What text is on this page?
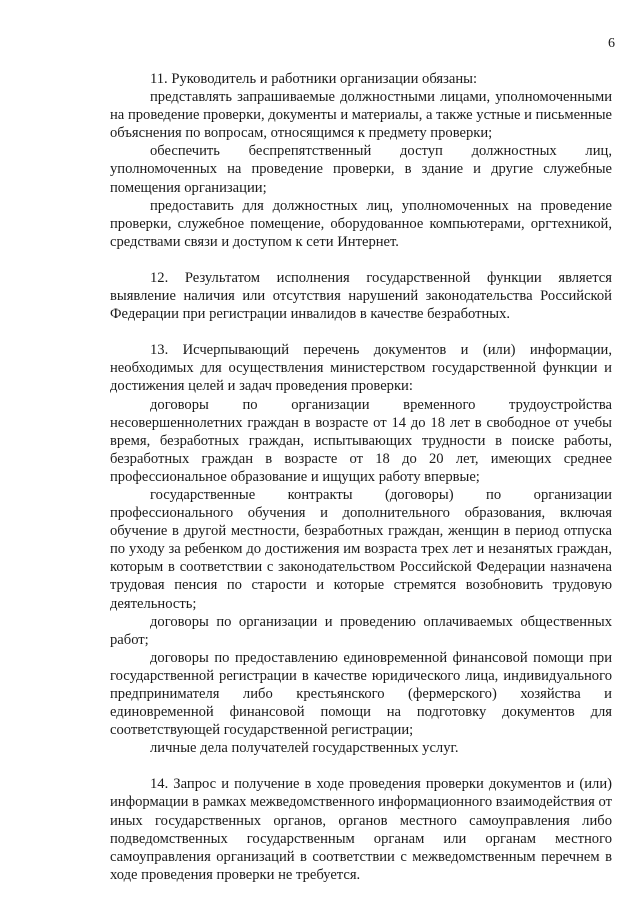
6

11. Руководитель и работники организации обязаны:

представлять запрашиваемые должностными лицами, уполномоченными на проведение проверки, документы и материалы, а также устные и письменные объяснения по вопросам, относящимся к предмету проверки;

обеспечить беспрепятственный доступ должностных лиц, уполномоченных на проведение проверки, в здание и другие служебные помещения организации;

предоставить для должностных лиц, уполномоченных на проведение проверки, служебное помещение, оборудованное компьютерами, оргтехникой, средствами связи и доступом к сети Интернет.

12. Результатом исполнения государственной функции является выявление наличия или отсутствия нарушений законодательства Российской Федерации при регистрации инвалидов в качестве безработных.

13. Исчерпывающий перечень документов и (или) информации, необходимых для осуществления министерством государственной функции и достижения целей и задач проведения проверки:

договоры по организации временного трудоустройства несовершеннолетних граждан в возрасте от 14 до 18 лет в свободное от учебы время, безработных граждан, испытывающих трудности в поиске работы, безработных граждан в возрасте от 18 до 20 лет, имеющих среднее профессиональное образование и ищущих работу впервые;

государственные контракты (договоры) по организации профессионального обучения и дополнительного образования, включая обучение в другой местности, безработных граждан, женщин в период отпуска по уходу за ребенком до достижения им возраста трех лет и незанятых граждан, которым в соответствии с законодательством Российской Федерации назначена трудовая пенсия по старости и которые стремятся возобновить трудовую деятельность;

договоры по организации и проведению оплачиваемых общественных работ;

договоры по предоставлению единовременной финансовой помощи при государственной регистрации в качестве юридического лица, индивидуального предпринимателя либо крестьянского (фермерского) хозяйства и единовременной финансовой помощи на подготовку документов для соответствующей государственной регистрации;

личные дела получателей государственных услуг.

14. Запрос и получение в ходе проведения проверки документов и (или) информации в рамках межведомственного информационного взаимодействия от иных государственных органов, органов местного самоуправления либо подведомственных государственным органам или органам местного самоуправления организаций в соответствии с межведомственным перечнем в ходе проведения проверки не требуется.
